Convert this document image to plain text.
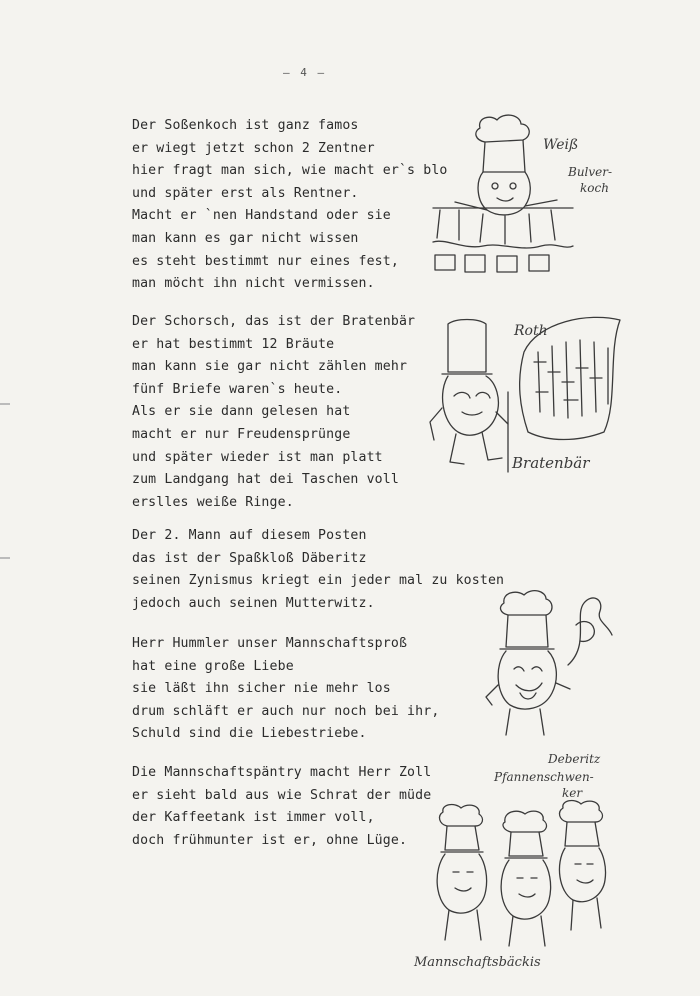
– 4 –
Der Soßenkoch ist ganz famos
er wiegt jetzt schon 2 Zentner
hier fragt man sich, wie macht er`s blo
und später erst als Rentner.
Macht er `nen Handstand oder sie
man kann es gar nicht wissen
es steht bestimmt nur eines fest,
man möcht ihn nicht vermissen.
Der Schorsch, das ist der Bratenbär
er hat bestimmt 12 Bräute
man kann sie gar nicht zählen mehr
fünf Briefe waren`s heute.
Als er sie dann gelesen hat
macht er nur Freudensprünge
und später wieder ist man platt
zum Landgang hat dei Taschen voll
erslles weiße Ringe.
Der 2. Mann auf diesem Posten
das ist der Spaßkloß Däberitz
seinen Zynismus kriegt ein jeder mal zu kosten
jedoch auch seinen Mutterwitz.
Herr Hummler unser Mannschaftsproß
hat eine große Liebe
sie läßt ihn sicher nie mehr los
drum schläft er auch nur noch bei ihr,
Schuld sind die Liebestriebe.
Die Mannschaftspäntry macht Herr Zoll
er sieht bald aus wie Schrat der müde
der Kaffeetank ist immer voll,
doch frühmunter ist er, ohne Lüge.
Weiß
Bulver-
koch
Roth
Bratenbär
Deberitz
Pfannenschwen-
ker
Mannschaftsbäckis
